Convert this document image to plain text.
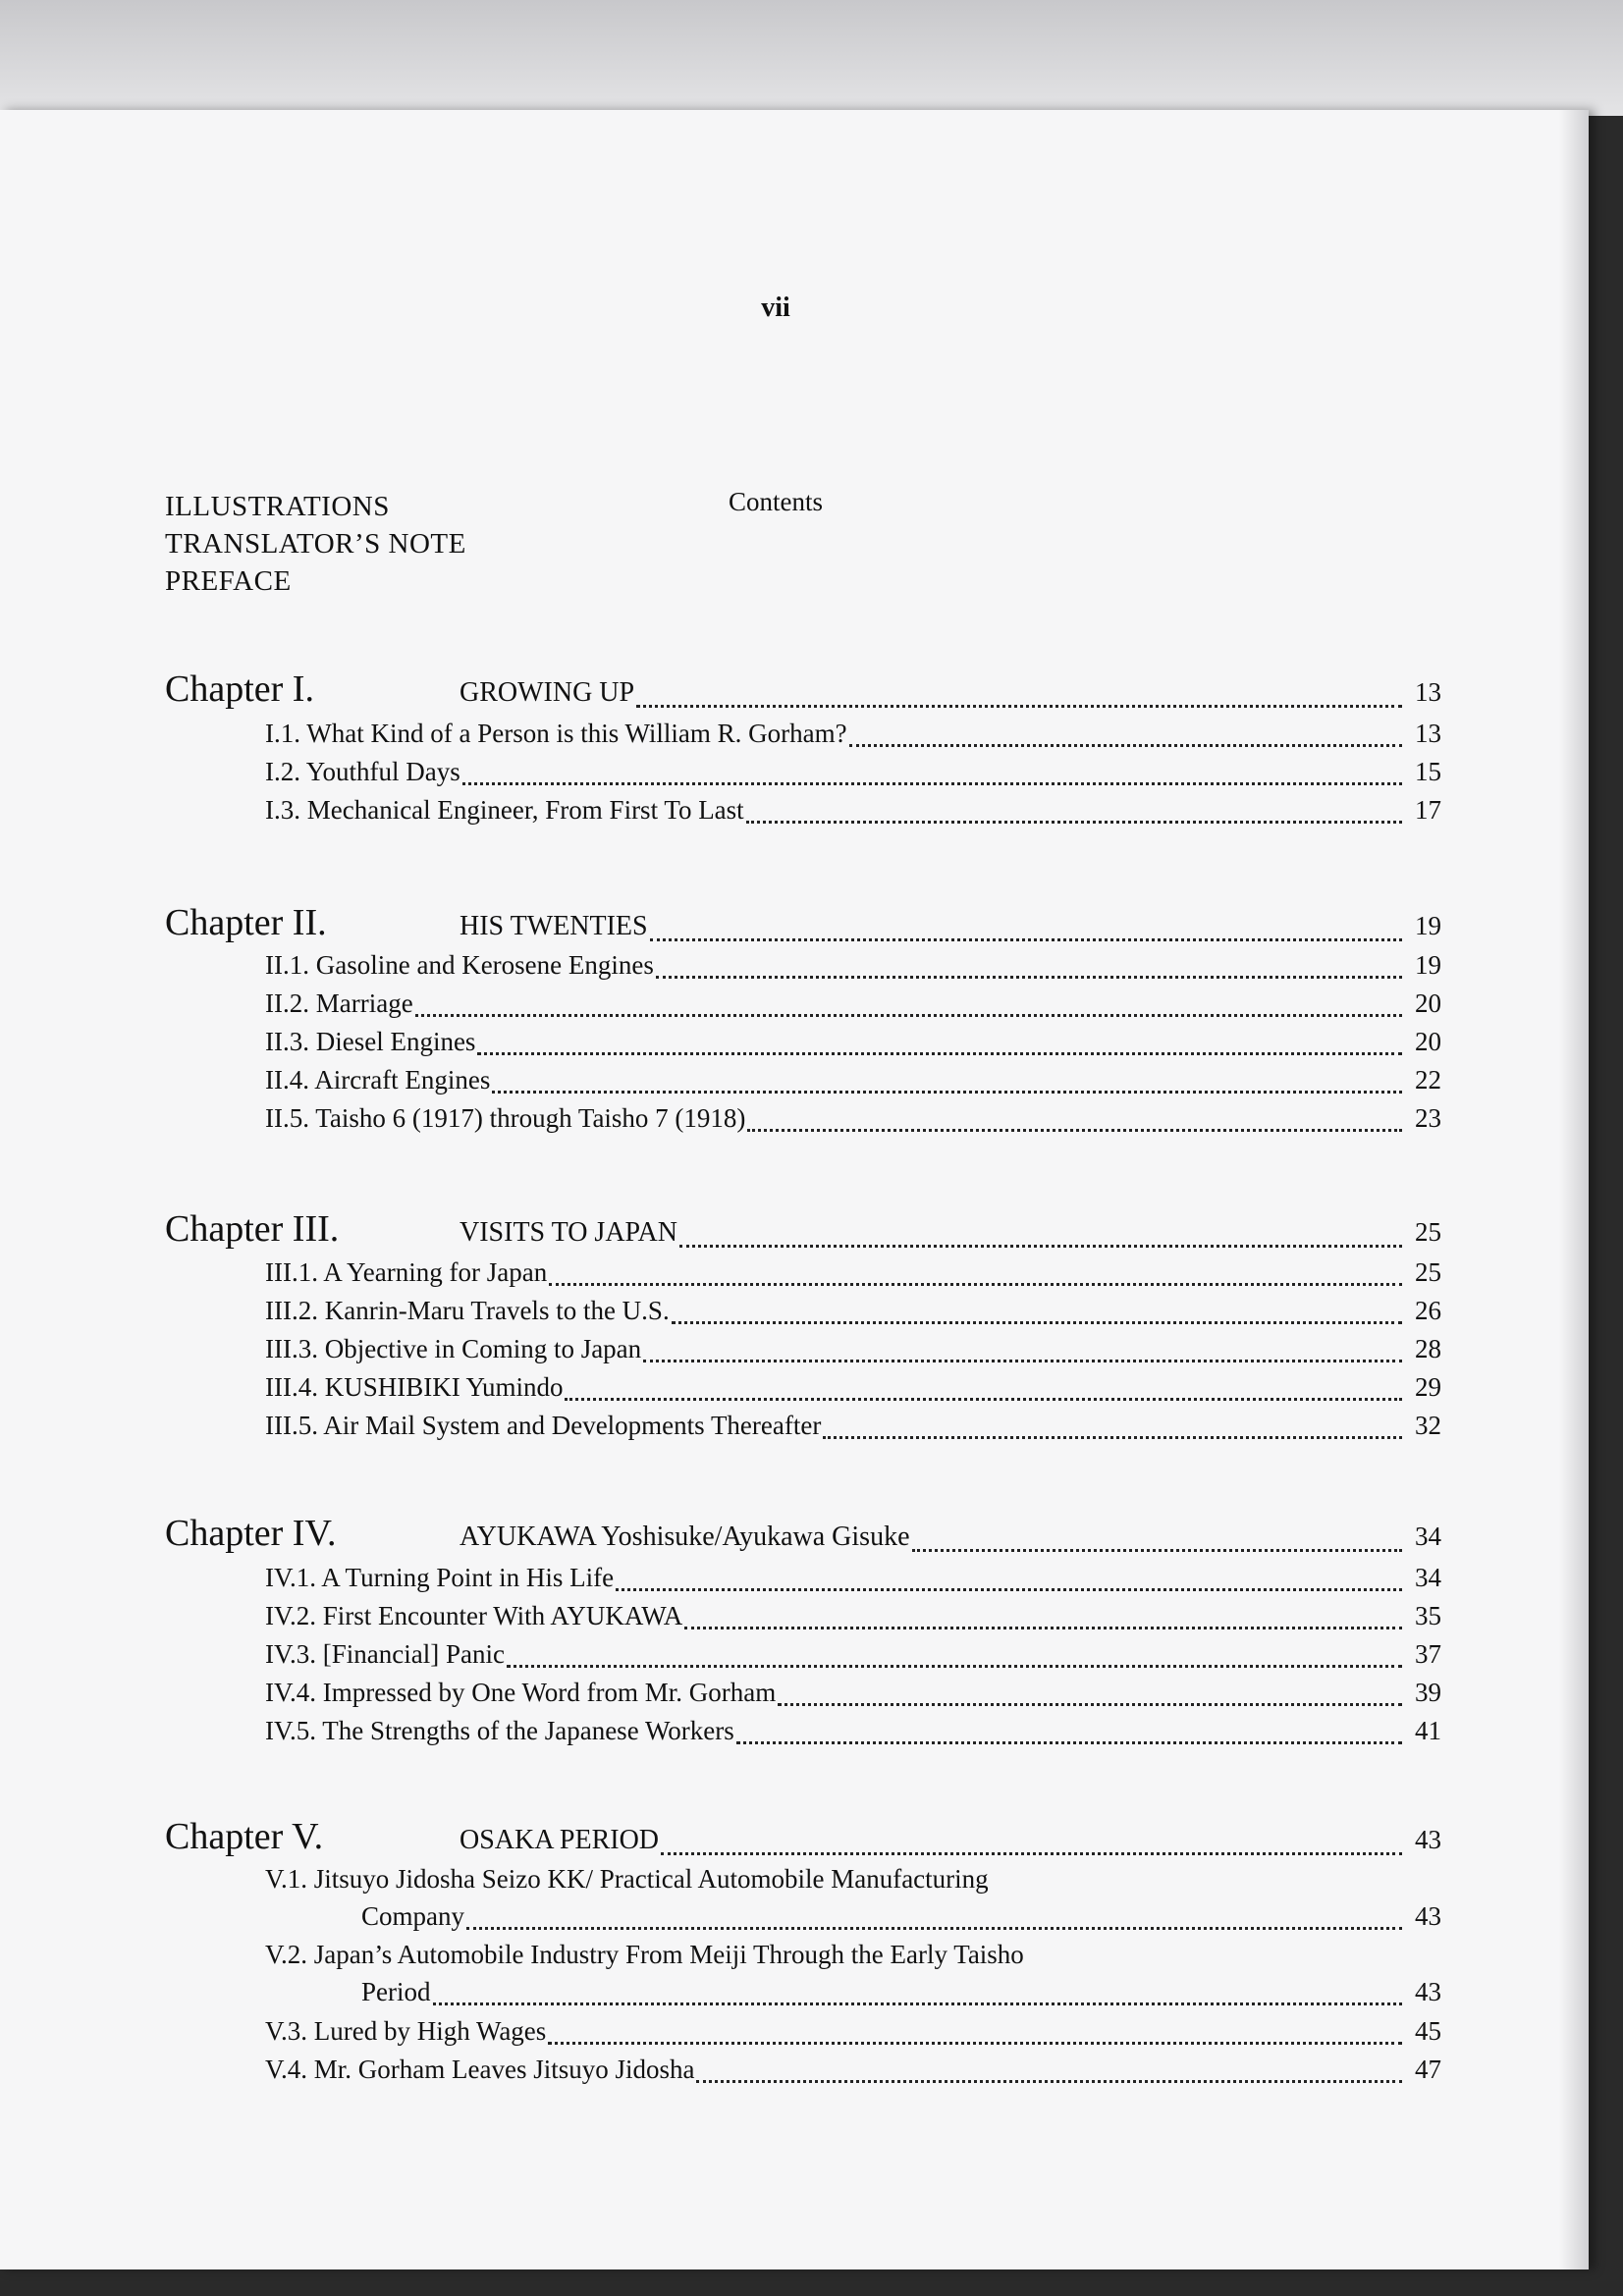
vii
Contents
ILLUSTRATIONS
TRANSLATOR’S NOTE
PREFACE
Chapter I.	GROWING UP	13
I.1. What Kind of a Person is this William R. Gorham?	13
I.2. Youthful Days	15
I.3. Mechanical Engineer, From First To Last	17
Chapter II.	HIS TWENTIES	19
II.1. Gasoline and Kerosene Engines	19
II.2. Marriage	20
II.3. Diesel Engines	20
II.4. Aircraft Engines	22
II.5. Taisho 6 (1917) through Taisho 7 (1918)	23
Chapter III.	VISITS TO JAPAN	25
III.1. A Yearning for Japan	25
III.2. Kanrin-Maru Travels to the U.S.	26
III.3. Objective in Coming to Japan	28
III.4. KUSHIBIKI Yumindo	29
III.5. Air Mail System and Developments Thereafter	32
Chapter IV.	AYUKAWA Yoshisuke/Ayukawa Gisuke	34
IV.1. A Turning Point in His Life	34
IV.2. First Encounter With AYUKAWA	35
IV.3. [Financial] Panic	37
IV.4. Impressed by One Word from Mr. Gorham	39
IV.5. The Strengths of the Japanese Workers	41
Chapter V.	OSAKA PERIOD	43
V.1. Jitsuyo Jidosha Seizo KK/ Practical Automobile Manufacturing
Company	43
V.2. Japan’s Automobile Industry From Meiji Through the Early Taisho
Period	43
V.3. Lured by High Wages	45
V.4. Mr. Gorham Leaves Jitsuyo Jidosha	47
